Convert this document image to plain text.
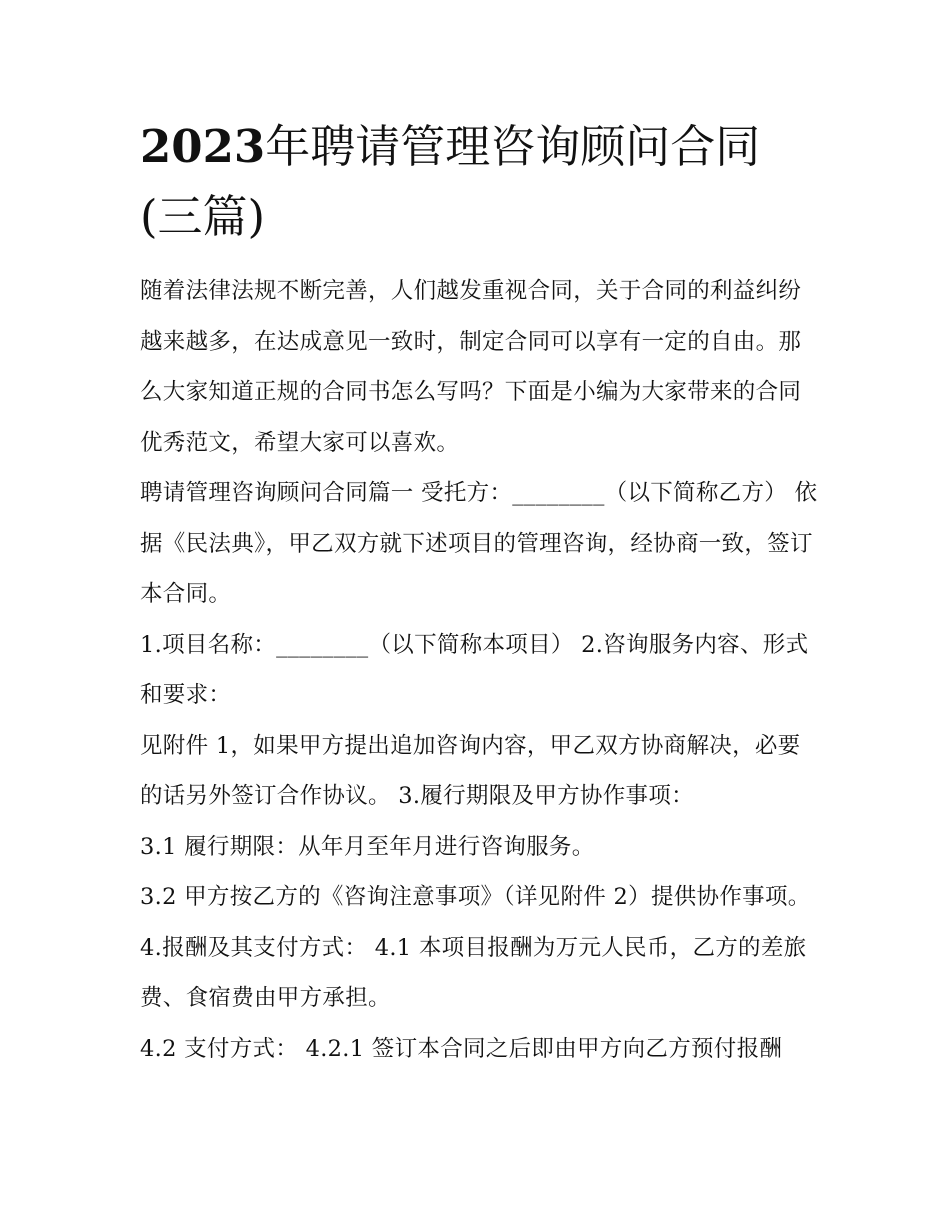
2023年聘请管理咨询顾问合同
(三篇)

随着法律法规不断完善，人们越发重视合同，关于合同的利益纠纷越来越多，在达成意见一致时，制定合同可以享有一定的自由。那么大家知道正规的合同书怎么写吗？下面是小编为大家带来的合同优秀范文，希望大家可以喜欢。

聘请管理咨询顾问合同篇一 受托方：________（以下简称乙方） 依据《民法典》，甲乙双方就下述项目的管理咨询，经协商一致，签订本合同。

1.项目名称：________（以下简称本项目） 2.咨询服务内容、形式和要求：

见附件 1，如果甲方提出追加咨询内容，甲乙双方协商解决，必要的话另外签订合作协议。 3.履行期限及甲方协作事项：

3.1 履行期限：从年月至年月进行咨询服务。

3.2 甲方按乙方的《咨询注意事项》（详见附件 2）提供协作事项。 4.报酬及其支付方式： 4.1 本项目报酬为万元人民币，乙方的差旅费、食宿费由甲方承担。

4.2 支付方式： 4.2.1 签订本合同之后即由甲方向乙方预付报酬
